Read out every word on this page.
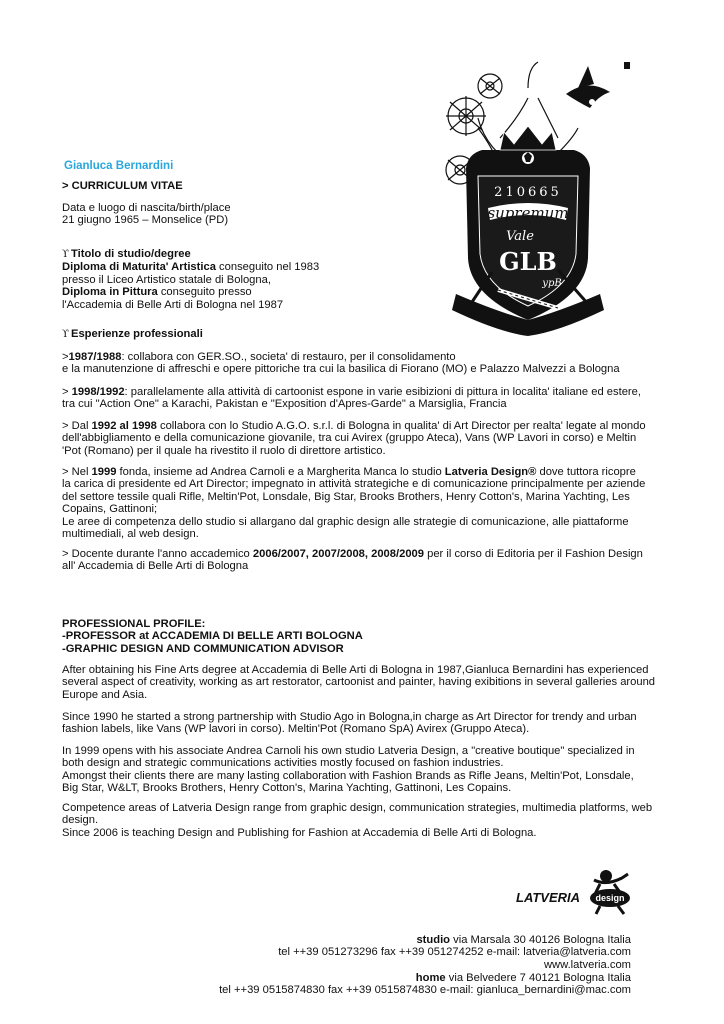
210665
supremum
Vale
GLB
ypB
Gianluca Bernardini
> CURRICULUM VITAE

Data e luogo di nascita/birth/place

21 giugno 1965 – Monselice (PD)

ϒ Titolo di studio/degree

Diploma di Maturita' Artistica conseguito nel 1983

presso il Liceo Artistico statale di Bologna,

Diploma in Pittura conseguito presso

l'Accademia di Belle Arti di Bologna nel 1987

ϒ Esperienze professionali

>1987/1988: collabora con GER.SO., societa' di restauro, per il consolidamento

e la manutenzione di affreschi e opere pittoriche tra cui la basilica di Fiorano (MO) e Palazzo Malvezzi a Bologna

> 1998/1992: parallelamente alla attività di cartoonist espone in varie esibizioni di pittura in localita' italiane ed estere,

tra cui "Action One" a Karachi, Pakistan e "Exposition d'Apres-Garde" a Marsiglia, Francia

> Dal 1992 al 1998 collabora con lo Studio A.G.O. s.r.l. di Bologna in qualita' di Art Director per realta' legate al mondo

dell'abbigliamento e della comunicazione giovanile, tra cui Avirex (gruppo Ateca), Vans (WP Lavori in corso) e Meltin

'Pot (Romano) per il quale ha rivestito il ruolo di direttore artistico.

> Nel 1999 fonda, insieme ad Andrea Carnoli e a Margherita Manca lo studio Latveria Design® dove tuttora ricopre

la carica di presidente ed Art Director; impegnato in attività strategiche e di comunicazione principalmente per aziende

del settore tessile quali Rifle, Meltin'Pot, Lonsdale, Big Star, Brooks Brothers, Henry Cotton's, Marina Yachting, Les

Copains, Gattinoni;

Le aree di competenza dello studio si allargano dal graphic design alle strategie di comunicazione, alle piattaforme

multimediali, al web design.

> Docente durante l'anno accademico 2006/2007, 2007/2008, 2008/2009 per il corso di Editoria per il Fashion Design

all' Accademia di Belle Arti di Bologna

PROFESSIONAL PROFILE:

-PROFESSOR at ACCADEMIA DI BELLE ARTI BOLOGNA

-GRAPHIC DESIGN AND COMMUNICATION ADVISOR

After obtaining his Fine Arts degree at Accademia di Belle Arti di Bologna in 1987,Gianluca Bernardini has experienced

several aspect of creativity, working as art restorator, cartoonist and painter, having exibitions in several galleries around

Europe and Asia.

Since 1990 he started a strong partnership with Studio Ago in Bologna,in charge as Art Director for trendy and urban

fashion labels, like Vans (WP lavori in corso). Meltin'Pot (Romano SpA) Avirex (Gruppo Ateca).

In 1999 opens with his associate Andrea Carnoli his own studio Latveria Design, a "creative boutique" specialized in

both design and strategic communications activities mostly focused on fashion industries.

Amongst their clients there are many lasting collaboration with Fashion Brands as Rifle Jeans, Meltin'Pot, Lonsdale,

Big Star, W&LT, Brooks Brothers, Henry Cotton's, Marina Yachting, Gattinoni, Les Copains.

Competence areas of Latveria Design range from graphic design, communication strategies, multimedia platforms, web

design.

Since 2006 is teaching Design and Publishing for Fashion at Accademia di Belle Arti di Bologna.

design
LATVERIA
studio via Marsala 30 40126 Bologna Italia
tel ++39 051273296 fax ++39 051274252 e-mail: latveria@latveria.com
www.latveria.com
home via Belvedere 7 40121 Bologna Italia
tel ++39 0515874830 fax ++39 0515874830 e-mail: gianluca_bernardini@mac.com
